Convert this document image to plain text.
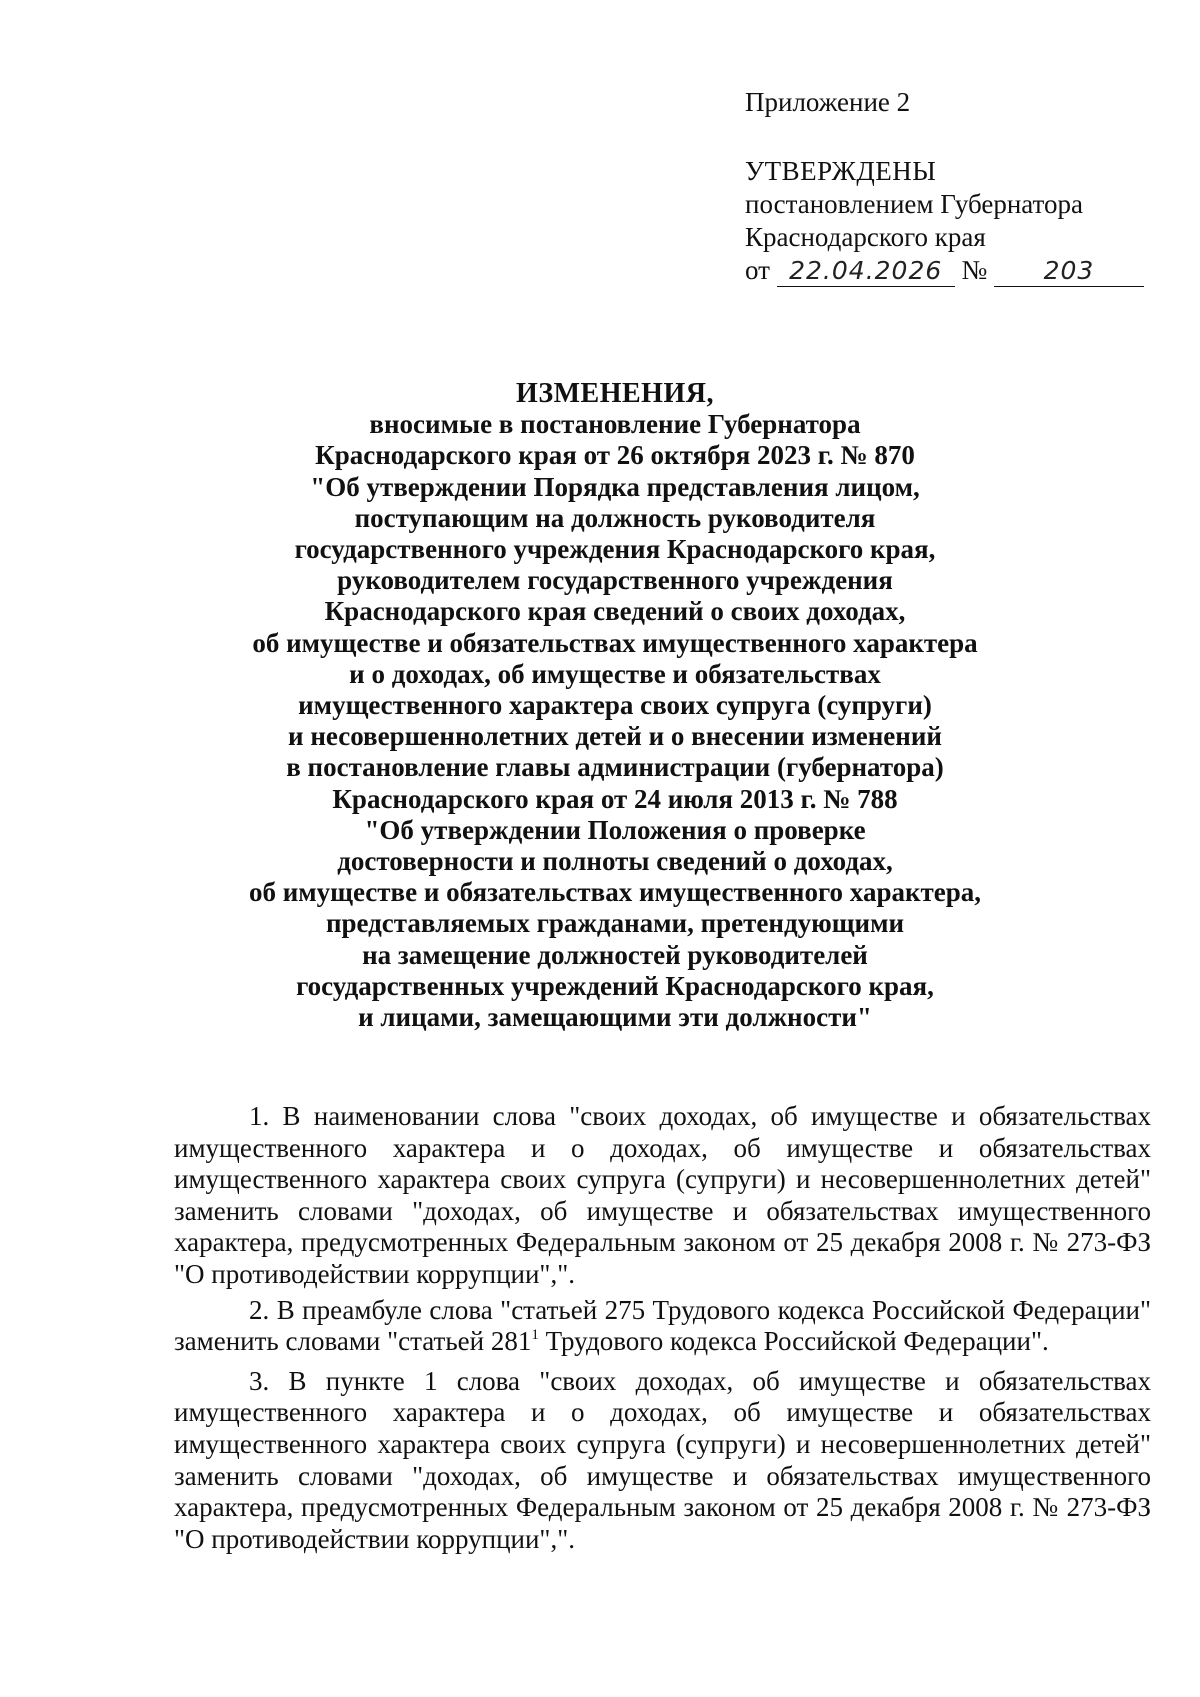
Приложение 2
УТВЕРЖДЕНЫ
постановлением Губернатора
Краснодарского края
от 22.04.2026 № 203
ИЗМЕНЕНИЯ,
вносимые в постановление Губернатора
Краснодарского края от 26 октября 2023 г. № 870
"Об утверждении Порядка представления лицом,
поступающим на должность руководителя
государственного учреждения Краснодарского края,
руководителем государственного учреждения
Краснодарского края сведений о своих доходах,
об имуществе и обязательствах имущественного характера
и о доходах, об имуществе и обязательствах
имущественного характера своих супруга (супруги)
и несовершеннолетних детей и о внесении изменений
в постановление главы администрации (губернатора)
Краснодарского края от 24 июля 2013 г. № 788
"Об утверждении Положения о проверке
достоверности и полноты сведений о доходах,
об имуществе и обязательствах имущественного характера,
представляемых гражданами, претендующими
на замещение должностей руководителей
государственных учреждений Краснодарского края,
и лицами, замещающими эти должности"

1. В наименовании слова "своих доходах, об имуществе и обязательствах имущественного характера и о доходах, об имуществе и обязательствах имущественного характера своих супруга (супруги) и несовершеннолетних детей" заменить словами "доходах, об имуществе и обязательствах имущественного характера, предусмотренных Федеральным законом от 25 декабря 2008 г. № 273-ФЗ "О противодействии коррупции",".

2. В преамбуле слова "статьей 275 Трудового кодекса Российской Федерации" заменить словами "статьей $281^1$ Трудового кодекса Российской Федерации".

3. В пункте 1 слова "своих доходах, об имуществе и обязательствах имущественного характера и о доходах, об имуществе и обязательствах имущественного характера своих супруга (супруги) и несовершеннолетних детей" заменить словами "доходах, об имуществе и обязательствах имущественного характера, предусмотренных Федеральным законом от 25 декабря 2008 г. № 273-ФЗ "О противодействии коррупции",".
